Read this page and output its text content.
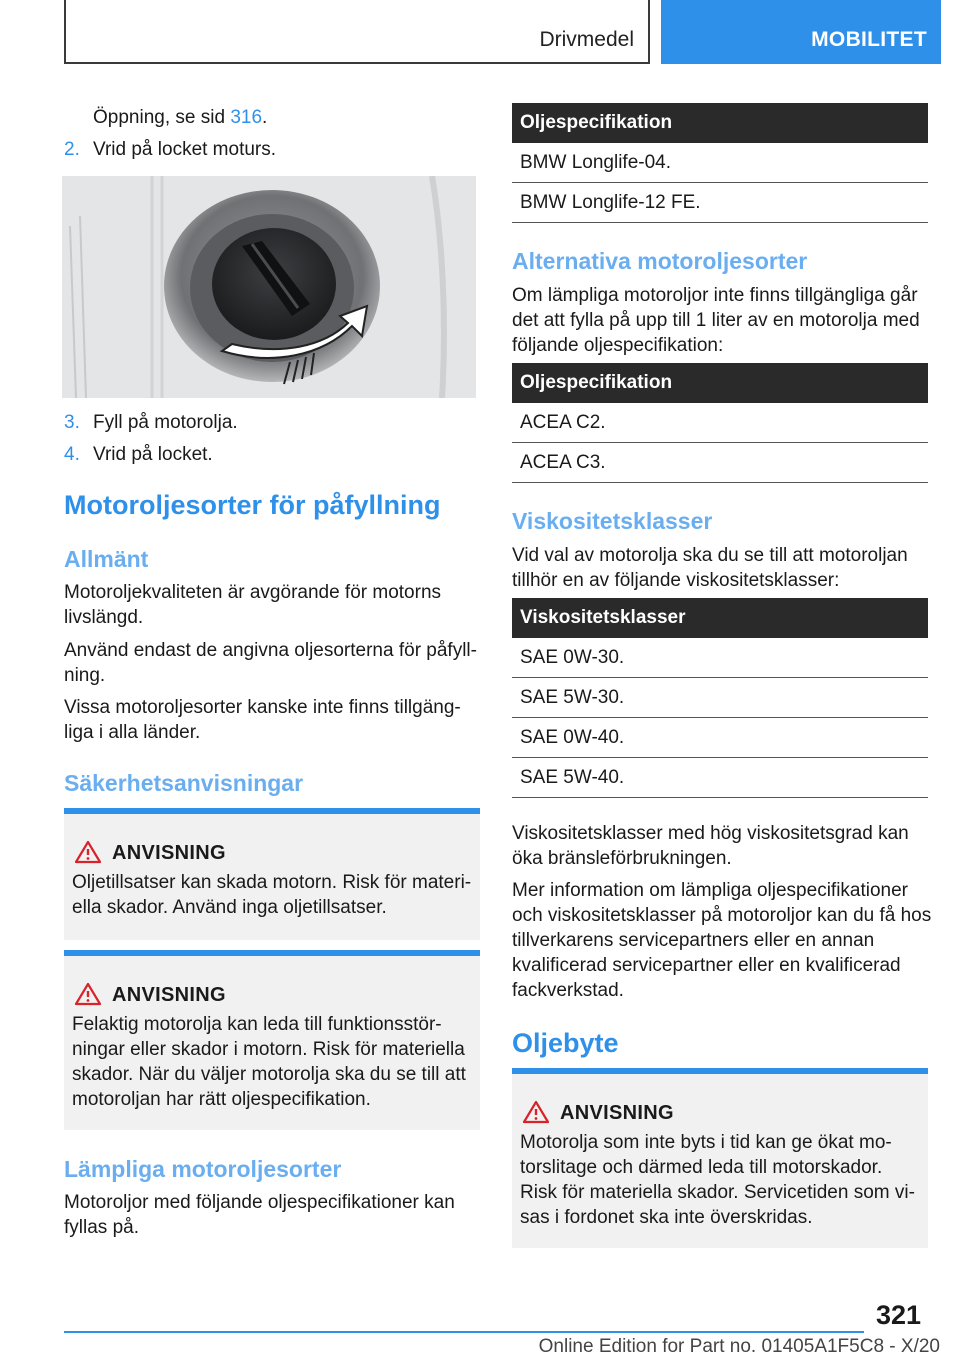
Drivmedel	MOBILITET
Öppning, se sid 316.
2. Vrid på locket moturs.
3. Fyll på motorolja.
4. Vrid på locket.
Motoroljesorter för påfyllning
Allmänt

Motoroljekvaliteten är avgörande för motorns livslängd.

Använd endast de angivna oljesorterna för påfyll-ning.

Vissa motoroljesorter kanske inte finns tillgäng-liga i alla länder.

Säkerhetsanvisningar
ANVISNING

Oljetillsatser kan skada motorn. Risk för materi-ella skador. Använd inga oljetillsatser.

ANVISNING

Felaktig motorolja kan leda till funktionsstör-ningar eller skador i motorn. Risk för materiella skador. När du väljer motorolja ska du se till att motoroljan har rätt oljespecifikation.

Lämpliga motoroljesorter

Motoroljor med följande oljespecifikationer kan fyllas på.

Oljespecifikation
BMW Longlife-04.
BMW Longlife-12 FE.
Alternativa motoroljesorter

Om lämpliga motoroljor inte finns tillgängliga går det att fylla på upp till 1 liter av en motorolja med följande oljespecifikation:

Oljespecifikation
ACEA C2.
ACEA C3.
Viskositetsklasser

Vid val av motorolja ska du se till att motoroljan tillhör en av följande viskositetsklasser:

Viskositetsklasser
SAE 0W-30.
SAE 5W-30.
SAE 0W-40.
SAE 5W-40.

Viskositetsklasser med hög viskositetsgrad kan öka bränsleförbrukningen.

Mer information om lämpliga oljespecifikationer och viskositetsklasser på motoroljor kan du få hos tillverkarens servicepartners eller en annan kvalificerad servicepartner eller en kvalificerad fackverkstad.

Oljebyte
ANVISNING

Motorolja som inte byts i tid kan ge ökat mo-torslitage och därmed leda till motorskador. Risk för materiella skador. Servicetiden som vi-sas i fordonet ska inte överskridas.

321
Online Edition for Part no. 01405A1F5C8 - X/20
